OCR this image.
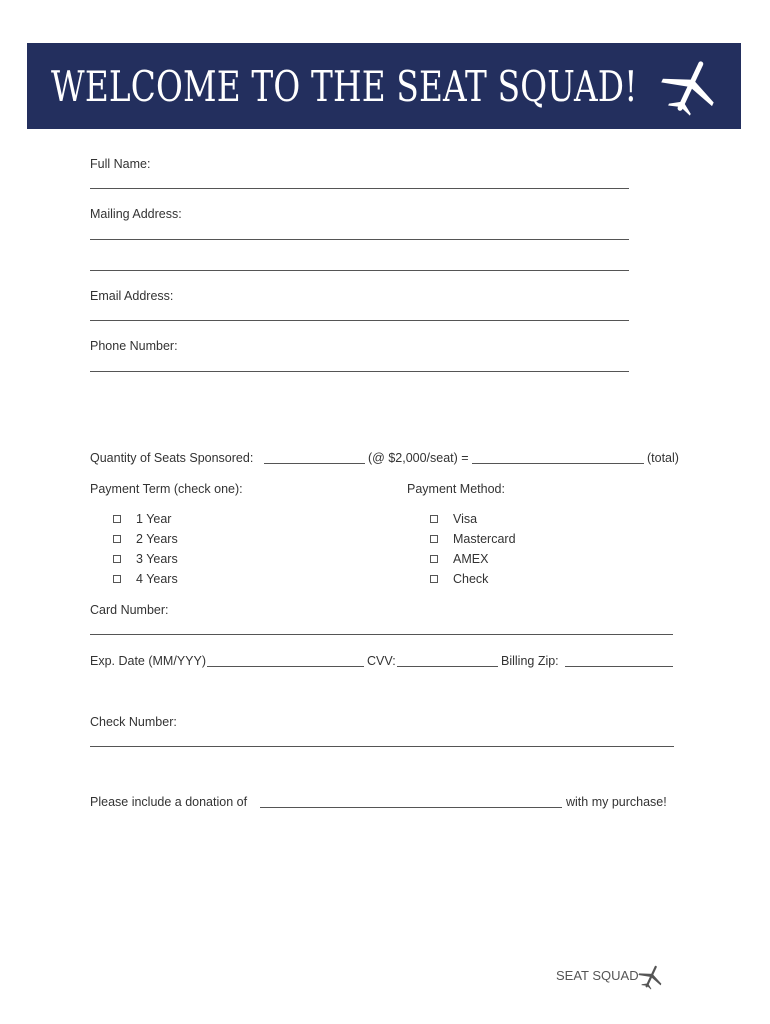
WELCOME TO THE SEAT SQUAD!
Full Name:
Mailing Address:
Email Address:
Phone Number:
Quantity of Seats Sponsored:	(@ $2,000/seat) =	(total)
Payment Term (check one):
1 Year
2 Years
3 Years
4 Years
Payment Method:
Visa
Mastercard
AMEX
Check
Card Number:
Exp. Date (MM/YYY)	CVV:	Billing Zip:
Check Number:
Please include a donation of	with my purchase!
SEAT SQUAD
